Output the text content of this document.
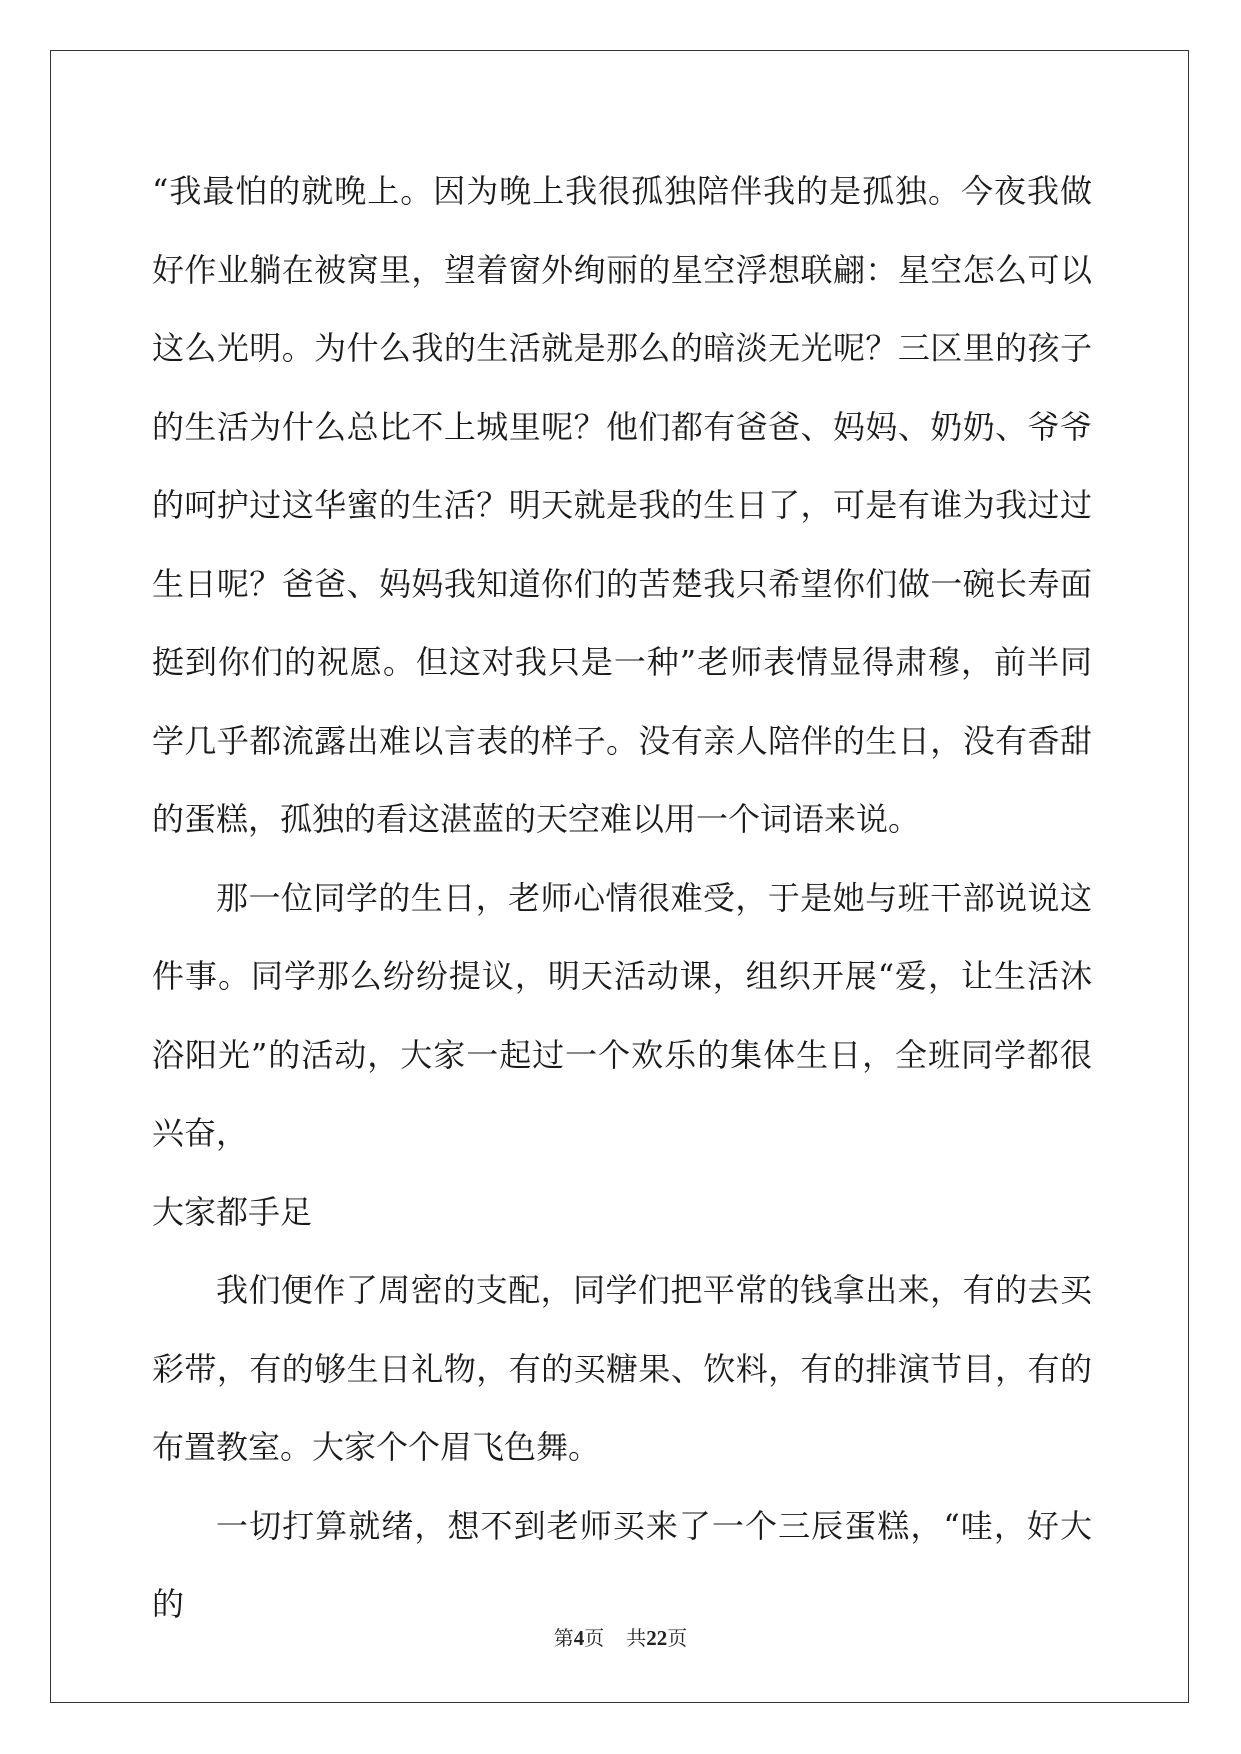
“我最怕的就晚上。因为晚上我很孤独陪伴我的是孤独。今夜我做好作业躺在被窝里，望着窗外绚丽的星空浮想联翩：星空怎么可以这么光明。为什么我的生活就是那么的暗淡无光呢？三区里的孩子的生活为什么总比不上城里呢？他们都有爸爸、妈妈、奶奶、爷爷的呵护过这华蜜的生活？明天就是我的生日了，可是有谁为我过过生日呢？爸爸、妈妈我知道你们的苦楚我只希望你们做一碗长寿面挺到你们的祝愿。但这对我只是一种”老师表情显得肃穆，前半同学几乎都流露出难以言表的样子。没有亲人陪伴的生日，没有香甜的蛋糕，孤独的看这湛蓝的天空难以用一个词语来说。

那一位同学的生日，老师心情很难受，于是她与班干部说说这件事。同学那么纷纷提议，明天活动课，组织开展“爱，让生活沐浴阳光”的活动，大家一起过一个欢乐的集体生日，全班同学都很兴奋，

大家都手足

我们便作了周密的支配，同学们把平常的钱拿出来，有的去买彩带，有的够生日礼物，有的买糖果、饮料，有的排演节目，有的布置教室。大家个个眉飞色舞。

一切打算就绪，想不到老师买来了一个三辰蛋糕，“哇，好大的

第4页 共22页
